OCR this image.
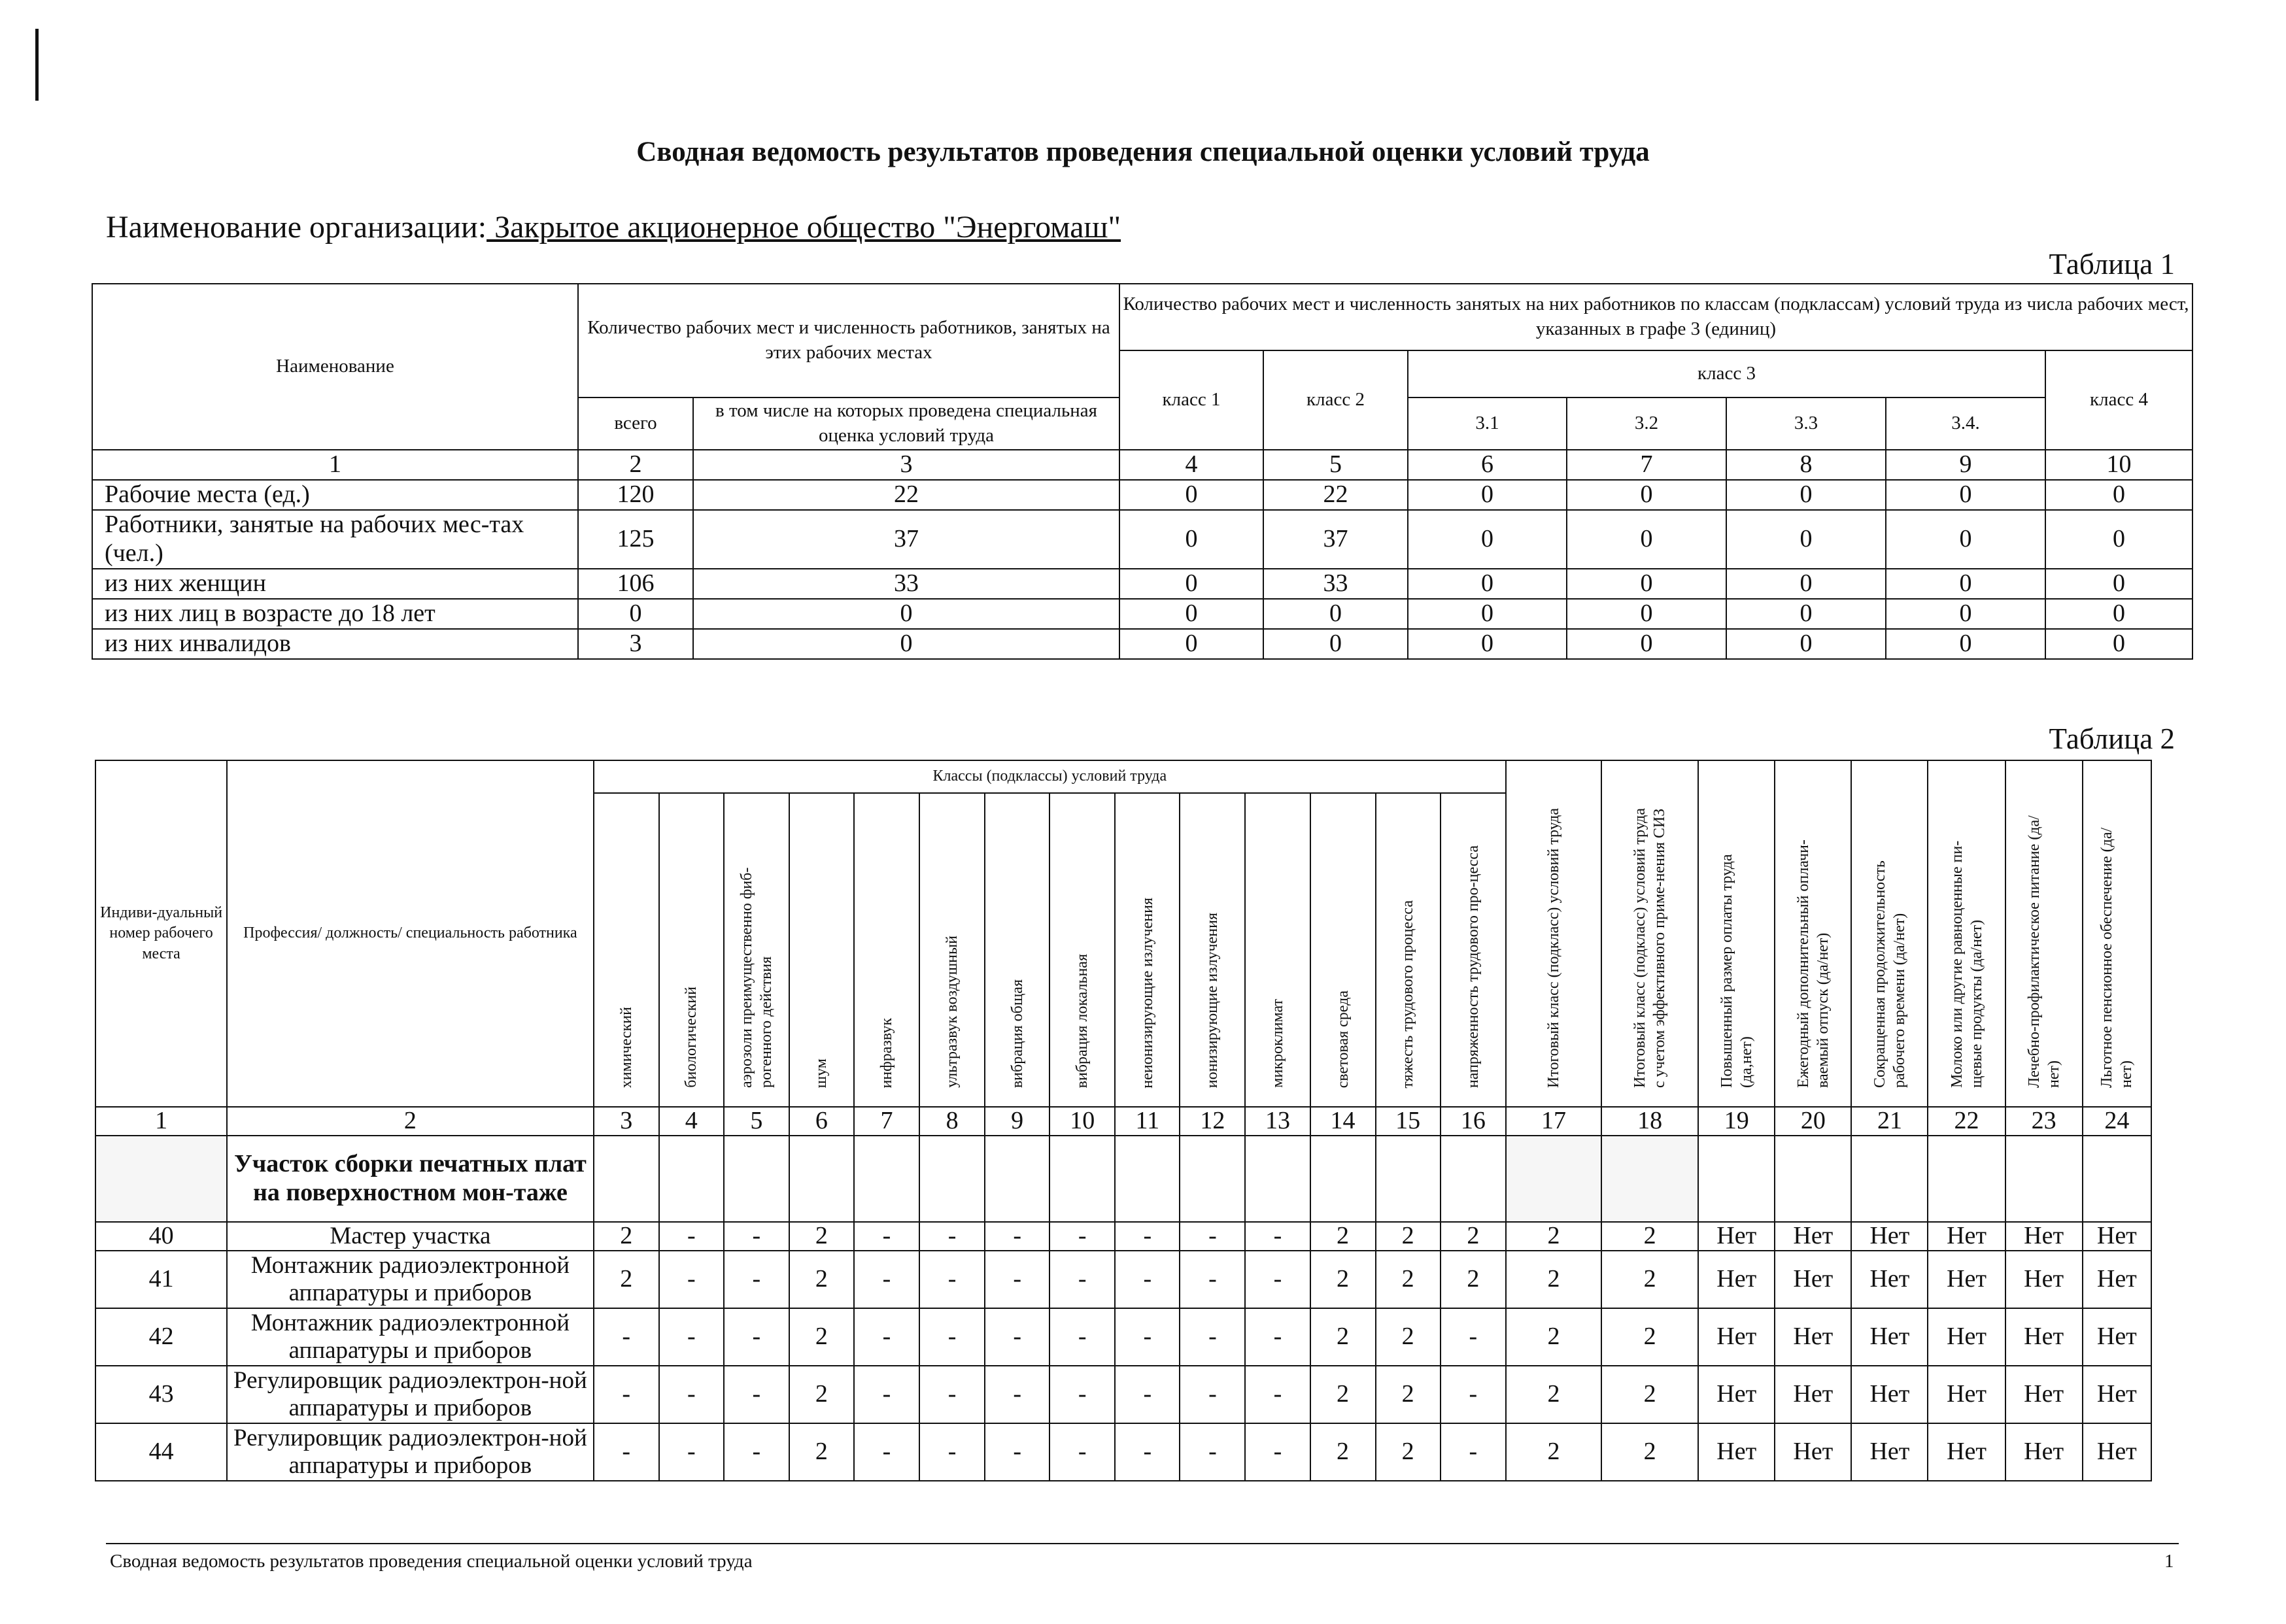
Сводная ведомость результатов проведения специальной оценки условий труда
Наименование организации: Закрытое акционерное общество "Энергомаш"
Таблица 1
Наименование	Количество рабочих мест и численность работников, занятых на этих рабочих местах		Количество рабочих мест и численность занятых на них работников по классам (подклассам) условий труда из числа рабочих мест, указанных в графе 3 (единиц)						
			класс 1	класс 2	класс 3				класс 4
	всего	в том числе на которых проведена специальная оценка условий труда			3.1	3.2	3.3	3.4.	
1	2	3	4	5	6	7	8	9	10
Рабочие места (ед.)	120	22	0	22	0	0	0	0	0
Работники, занятые на рабочих мес-тах (чел.)	125	37	0	37	0	0	0	0	0
из них женщин	106	33	0	33	0	0	0	0	0
из них лиц в возрасте до 18 лет	0	0	0	0	0	0	0	0	0
из них инвалидов	3	0	0	0	0	0	0	0	0
Таблица 2
Индиви-дуальный номер рабочего места	Профессия/ должность/ специальность работника	Классы (подклассы) условий труда														Итоговый класс (подкласс) условий труда	Итоговый класс (подкласс) условий труда с учетом эффективного приме-нения СИЗ	Повышенный размер оплаты труда (да,нет)	Ежегодный дополнительный оплачи-ваемый отпуск (да/нет)	Сокращенная продолжительность рабочего времени (да/нет)	Молоко или другие равноценные пи-щевые продукты (да/нет)	Лечебно-профилактическое питание (да/нет)	Льготное пенсионное обеспечение (да/нет)
		химический	биологический	аэрозоли преимущественно фиб-рогенного действия	шум	инфразвук	ультразвук воздушный	вибрация общая	вибрация локальная	неионизирующие излучения	ионизирующие излучения	микроклимат	световая среда	тяжесть трудового процесса	напряженность трудового про-цесса								
1	2	3	4	5	6	7	8	9	10	11	12	13	14	15	16	17	18	19	20	21	22	23	24
	Участок сборки печатных плат на поверхностном мон-таже																						
40	Мастер участка	2	-	-	2	-	-	-	-	-	-	-	2	2	2	2	2	Нет	Нет	Нет	Нет	Нет	Нет
41	Монтажник радиоэлектронной аппаратуры и приборов	2	-	-	2	-	-	-	-	-	-	-	2	2	2	2	2	Нет	Нет	Нет	Нет	Нет	Нет
42	Монтажник радиоэлектронной аппаратуры и приборов	-	-	-	2	-	-	-	-	-	-	-	2	2	-	2	2	Нет	Нет	Нет	Нет	Нет	Нет
43	Регулировщик радиоэлектрон-ной аппаратуры и приборов	-	-	-	2	-	-	-	-	-	-	-	2	2	-	2	2	Нет	Нет	Нет	Нет	Нет	Нет
44	Регулировщик радиоэлектрон-ной аппаратуры и приборов	-	-	-	2	-	-	-	-	-	-	-	2	2	-	2	2	Нет	Нет	Нет	Нет	Нет	Нет
Сводная ведомость результатов проведения специальной оценки условий труда	1
